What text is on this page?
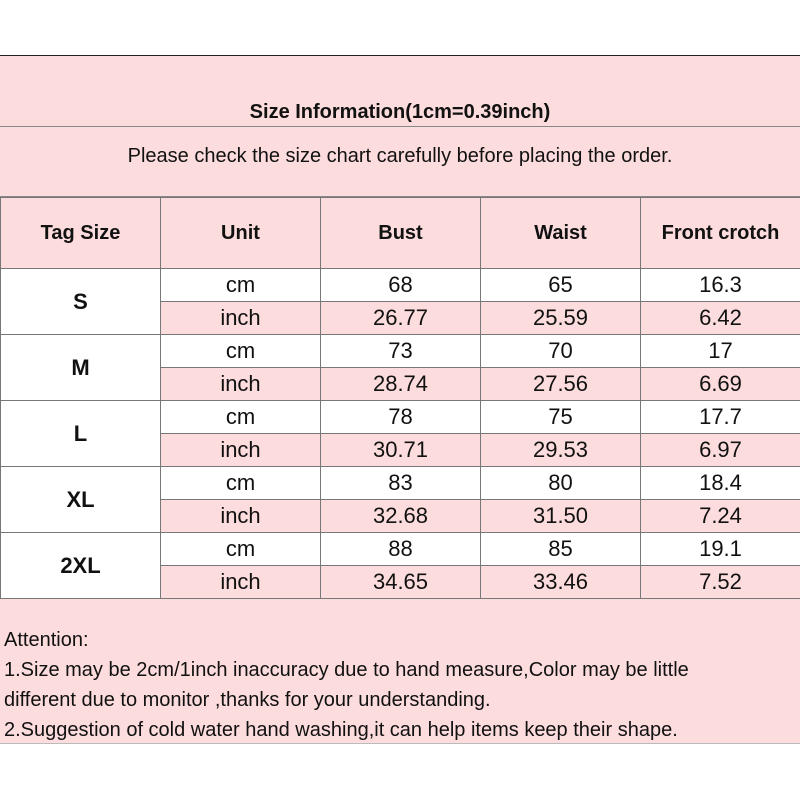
Size Information(1cm=0.39inch)
Please check the size chart carefully before placing the order.
Tag Size	Unit	Bust	Waist	Front crotch
S	cm	68	65	16.3
	inch	26.77	25.59	6.42
M	cm	73	70	17
	inch	28.74	27.56	6.69
L	cm	78	75	17.7
	inch	30.71	29.53	6.97
XL	cm	83	80	18.4
	inch	32.68	31.50	7.24
2XL	cm	88	85	19.1
	inch	34.65	33.46	7.52
Attention:
1.Size may be 2cm/1inch inaccuracy due to hand measure,Color may be little
different due to monitor ,thanks for your understanding.
2.Suggestion of cold water hand washing,it can help items keep their shape.
